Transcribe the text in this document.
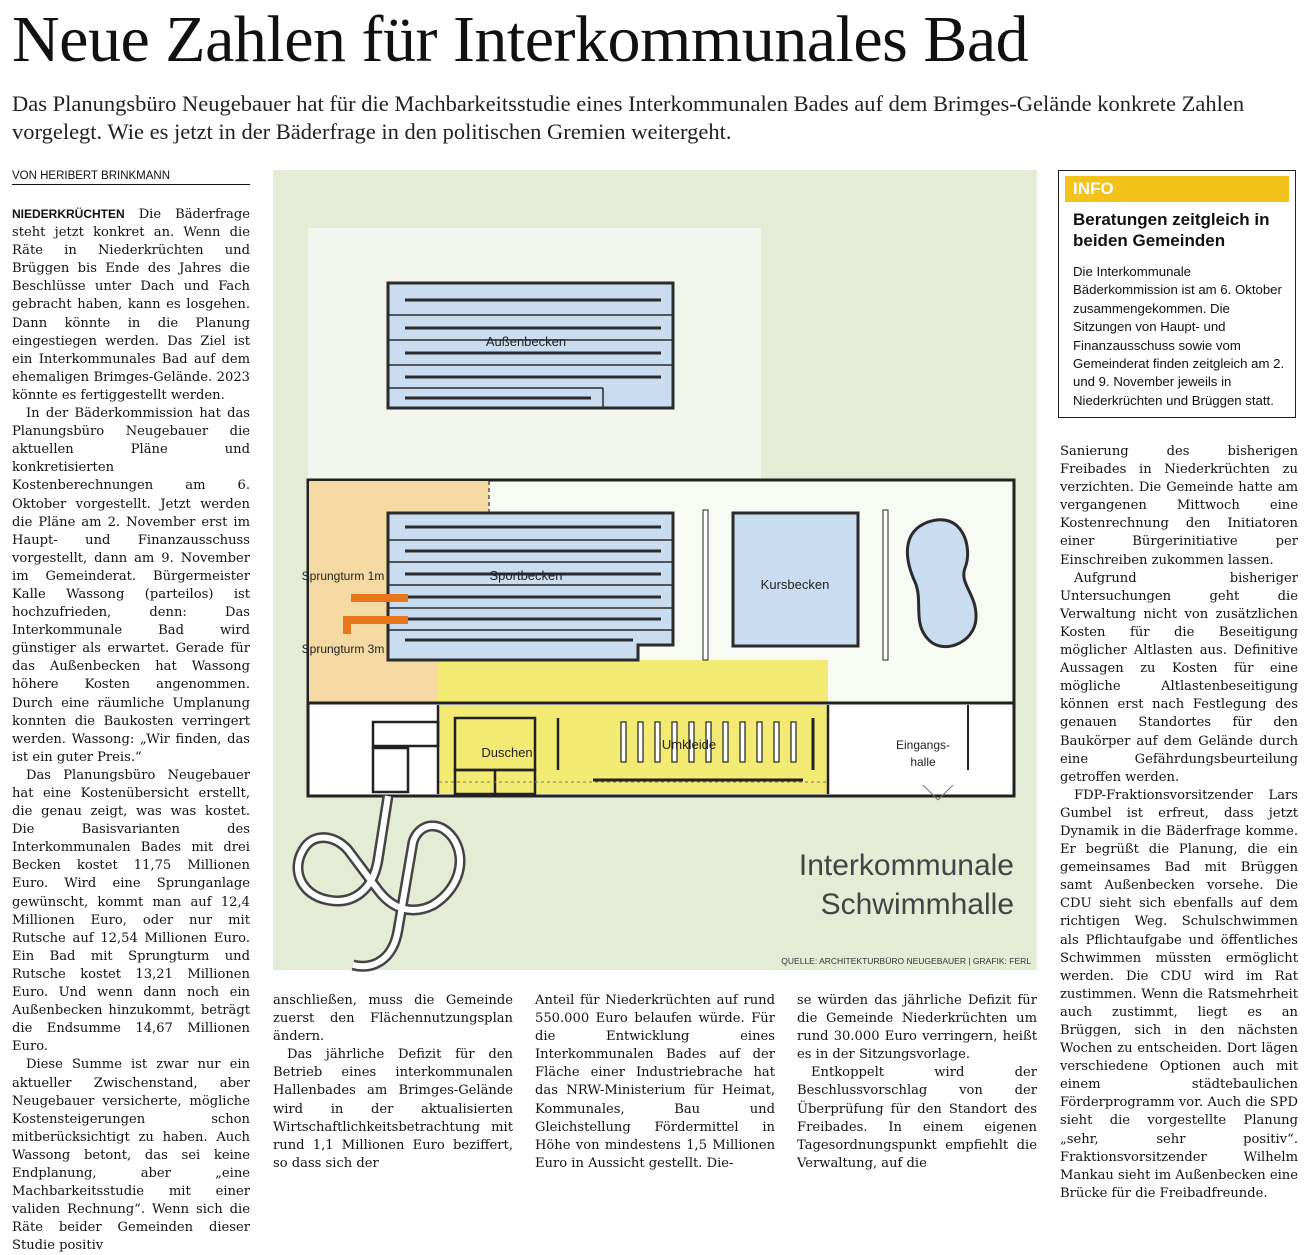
Neue Zahlen für Interkommunales Bad
Das Planungsbüro Neugebauer hat für die Machbarkeitsstudie eines Interkommunalen Bades auf dem Brimges-Gelände konkrete Zahlen vorgelegt. Wie es jetzt in der Bäderfrage in den politischen Gremien weitergeht.
VON HERIBERT BRINKMANN

NIEDERKRÜCHTEN Die Bäderfrage steht jetzt konkret an. Wenn die Räte in Niederkrüchten und Brüggen bis Ende des Jahres die Beschlüsse unter Dach und Fach gebracht haben, kann es losgehen. Dann könnte in die Planung eingestiegen werden. Das Ziel ist ein Interkommunales Bad auf dem ehemaligen Brimges-Gelände. 2023 könnte es fertiggestellt werden.

In der Bäderkommission hat das Planungsbüro Neugebauer die aktuellen Pläne und konkretisierten Kostenberechnungen am 6. Oktober vorgestellt. Jetzt werden die Pläne am 2. November erst im Haupt- und Finanzausschuss vorgestellt, dann am 9. November im Gemeinderat. Bürgermeister Kalle Wassong (parteilos) ist hochzufrieden, denn: Das Interkommunale Bad wird günstiger als erwartet. Gerade für das Außenbecken hat Wassong höhere Kosten angenommen. Durch eine räumliche Umplanung konnten die Baukosten verringert werden. Wassong: „Wir finden, das ist ein guter Preis.“

Das Planungsbüro Neugebauer hat eine Kostenübersicht erstellt, die genau zeigt, was was kostet. Die Basisvarianten des Interkommunalen Bades mit drei Becken kostet 11,75 Millionen Euro. Wird eine Sprunganlage gewünscht, kommt man auf 12,4 Millionen Euro, oder nur mit Rutsche auf 12,54 Millionen Euro. Ein Bad mit Sprungturm und Rutsche kostet 13,21 Millionen Euro. Und wenn dann noch ein Außenbecken hinzukommt, beträgt die Endsumme 14,67 Millionen Euro.

Diese Summe ist zwar nur ein aktueller Zwischenstand, aber Neugebauer versicherte, mögliche Kostensteigerungen schon mitberücksichtigt zu haben. Auch Wassong betont, das sei keine Endplanung, aber „eine Machbarkeitsstudie mit einer validen Rechnung“. Wenn sich die Räte beider Gemeinden dieser Studie positiv

Außenbecken
Sportbecken
Sprungturm 1m
Sprungturm 3m
Kursbecken
Duschen
Umkleide	Eingangs-
halle
Interkommunale
Schwimmhalle
QUELLE: ARCHITEKTURBÜRO NEUGEBAUER | GRAFIK: FERL
INFO
Beratungen zeitgleich in beiden Gemeinden
Die Interkommunale Bäderkommission ist am 6. Oktober zusammengekommen. Die Sitzungen von Haupt- und Finanzausschuss sowie vom Gemeinderat finden zeitgleich am 2. und 9. November jeweils in Niederkrüchten und Brüggen statt.

Sanierung des bisherigen Freibades in Niederkrüchten zu verzichten. Die Gemeinde hatte am vergangenen Mittwoch eine Kostenrechnung den Initiatoren einer Bürgerinitiative per Einschreiben zukommen lassen.

Aufgrund bisheriger Untersuchungen geht die Verwaltung nicht von zusätzlichen Kosten für die Beseitigung möglicher Altlasten aus. Definitive Aussagen zu Kosten für eine mögliche Altlastenbeseitigung können erst nach Festlegung des genauen Standortes für den Baukörper auf dem Gelände durch eine Gefährdungsbeurteilung getroffen werden.

FDP-Fraktionsvorsitzender Lars Gumbel ist erfreut, dass jetzt Dynamik in die Bäderfrage komme. Er begrüßt die Planung, die ein gemeinsames Bad mit Brüggen samt Außenbecken vorsehe. Die CDU sieht sich ebenfalls auf dem richtigen Weg. Schulschwimmen als Pflichtaufgabe und öffentliches Schwimmen müssten ermöglicht werden. Die CDU wird im Rat zustimmen. Wenn die Ratsmehrheit auch zustimmt, liegt es an Brüggen, sich in den nächsten Wochen zu entscheiden. Dort lägen verschiedene Optionen auch mit einem städtebaulichen Förderprogramm vor. Auch die SPD sieht die vorgestellte Planung „sehr, sehr positiv“. Fraktionsvorsitzender Wilhelm Mankau sieht im Außenbecken eine Brücke für die Freibadfreunde.

anschließen, muss die Gemeinde zuerst den Flächennutzungsplan ändern.

Das jährliche Defizit für den Betrieb eines interkommunalen Hallenbades am Brimges-Gelände wird in der aktualisierten Wirtschaftlichkeitsbetrachtung mit rund 1,1 Millionen Euro beziffert, so dass sich der

Anteil für Niederkrüchten auf rund 550.000 Euro belaufen würde. Für die Entwicklung eines Interkommunalen Bades auf der Fläche einer Industriebrache hat das NRW-Ministerium für Heimat, Kommunales, Bau und Gleichstellung Fördermittel in Höhe von mindestens 1,5 Millionen Euro in Aussicht gestellt. Die-

se würden das jährliche Defizit für die Gemeinde Niederkrüchten um rund 30.000 Euro verringern, heißt es in der Sitzungsvorlage.

Entkoppelt wird der Beschlussvorschlag von der Überprüfung für den Standort des Freibades. In einem eigenen Tagesordnungspunkt empfiehlt die Verwaltung, auf die
